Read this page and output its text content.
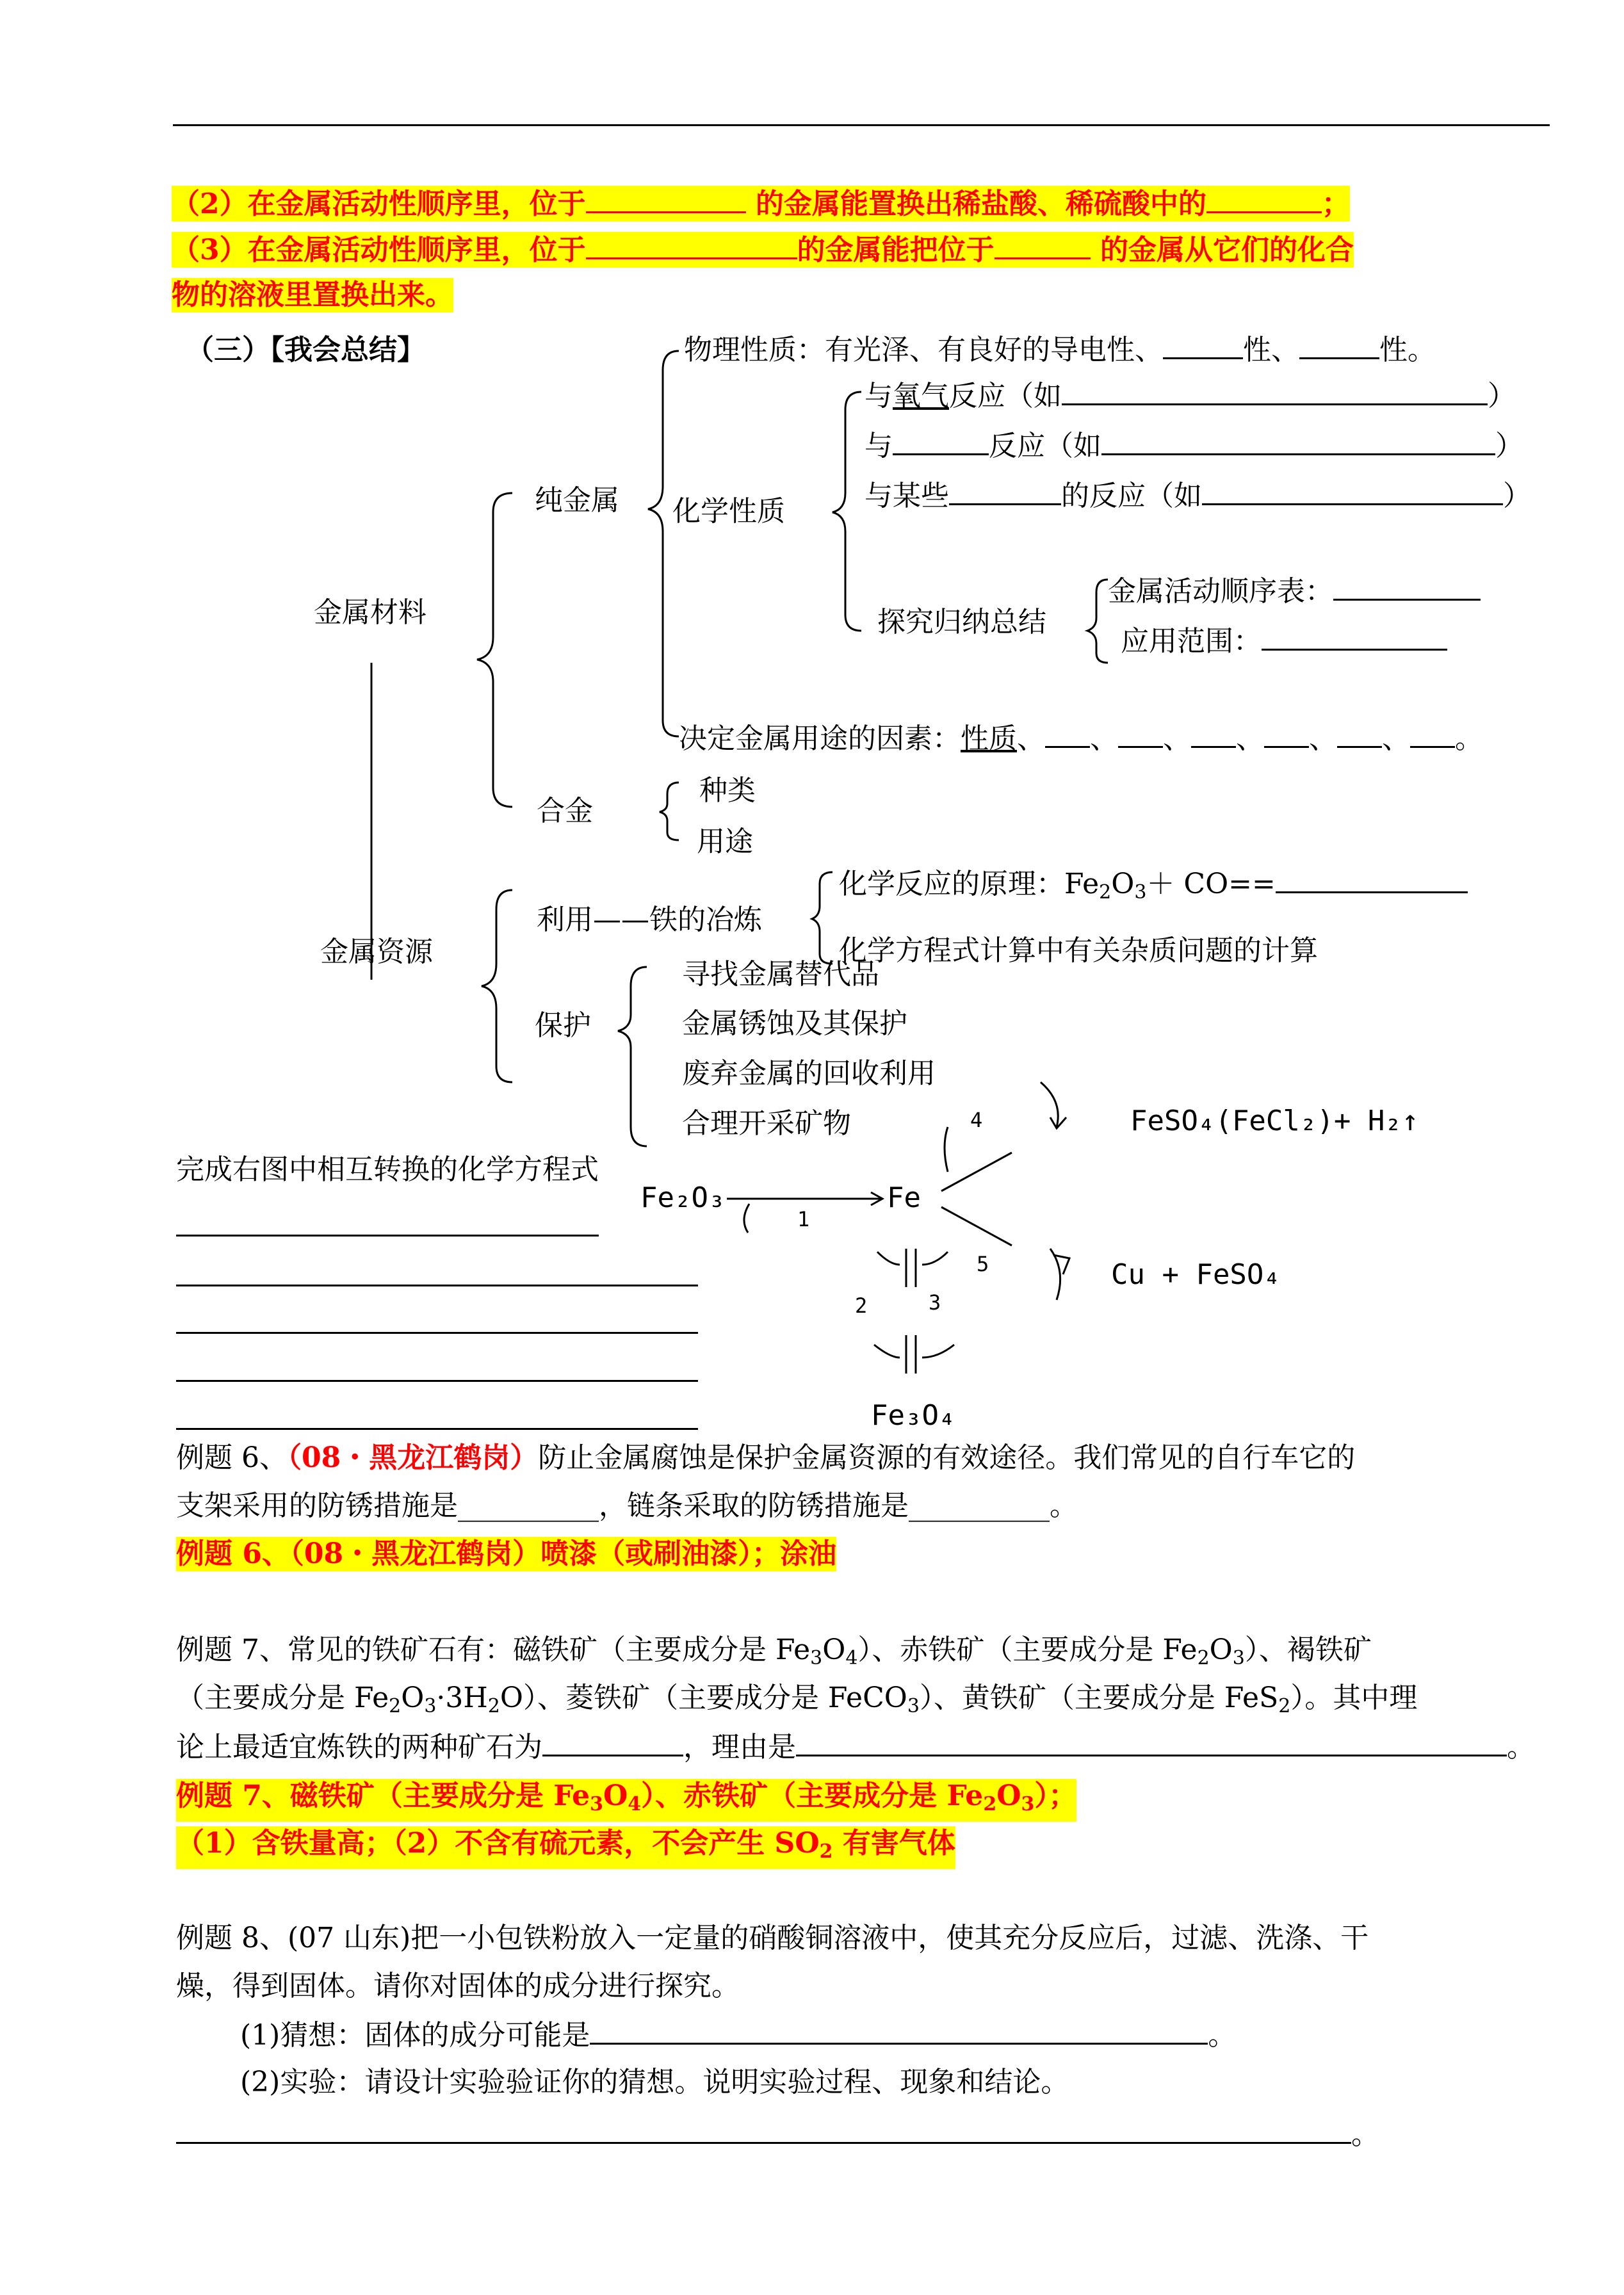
（2）在金属活动性顺序里，位于	的金属能置换出稀盐酸、稀硫酸中的	；
（3）在金属活动性顺序里，位于	的金属能把位于	的金属从它们的化合
物的溶液里置换出来。
（三）【我会总结】
金属材料
纯金属
物理性质：有光泽、有良好的导电性、	性、	性。
化学性质
与氧气反应（如	）
与	反应（如	）
与某些	的反应（如	）
探究归纳总结
金属活动顺序表：
应用范围：
决定金属用途的因素：性质、 、 、 、 、 、 。
合金
种类
用途
金属资源
利用——铁的冶炼
化学反应的原理：$Fe_2O_3+ CO==$
化学方程式计算中有关杂质问题的计算
保护
寻找金属替代品
金属锈蚀及其保护
废弃金属的回收利用
合理开采矿物
完成右图中相互转换的化学方程式
Fe₂O₃	Fe
FeSO₄(FeCl₂)+ H₂↑
Cu + FeSO₄
Fe₃O₄
1
2	3
4
5
例题 6、（08・黑龙江鹤岗）防止金属腐蚀是保护金属资源的有效途径。我们常见的自行车它的
支架采用的防锈措施是__________，链条采取的防锈措施是__________。
例题 6、（08・黑龙江鹤岗）喷漆（或刷油漆）；涂油
例题 7、常见的铁矿石有：磁铁矿（主要成分是 $Fe_3O_4$）、赤铁矿（主要成分是 $Fe_2O_3$）、褐铁矿
（主要成分是 $Fe_2O_3\cdot 3H_2O$）、菱铁矿（主要成分是 FeCO$_3$）、黄铁矿（主要成分是 FeS$_2$）。其中理
论上最适宜炼铁的两种矿石为	，理由是	。
例题 7、磁铁矿（主要成分是 $Fe_3O_4$）、赤铁矿（主要成分是 $Fe_2O_3$）；
（1）含铁量高；（2）不含有硫元素，不会产生 $SO_2$ 有害气体
例题 8、(07 山东)把一小包铁粉放入一定量的硝酸铜溶液中，使其充分反应后，过滤、洗涤、干
燥，得到固体。请你对固体的成分进行探究。
(1)猜想：固体的成分可能是	。
(2)实验：请设计实验验证你的猜想。说明实验过程、现象和结论。
。
